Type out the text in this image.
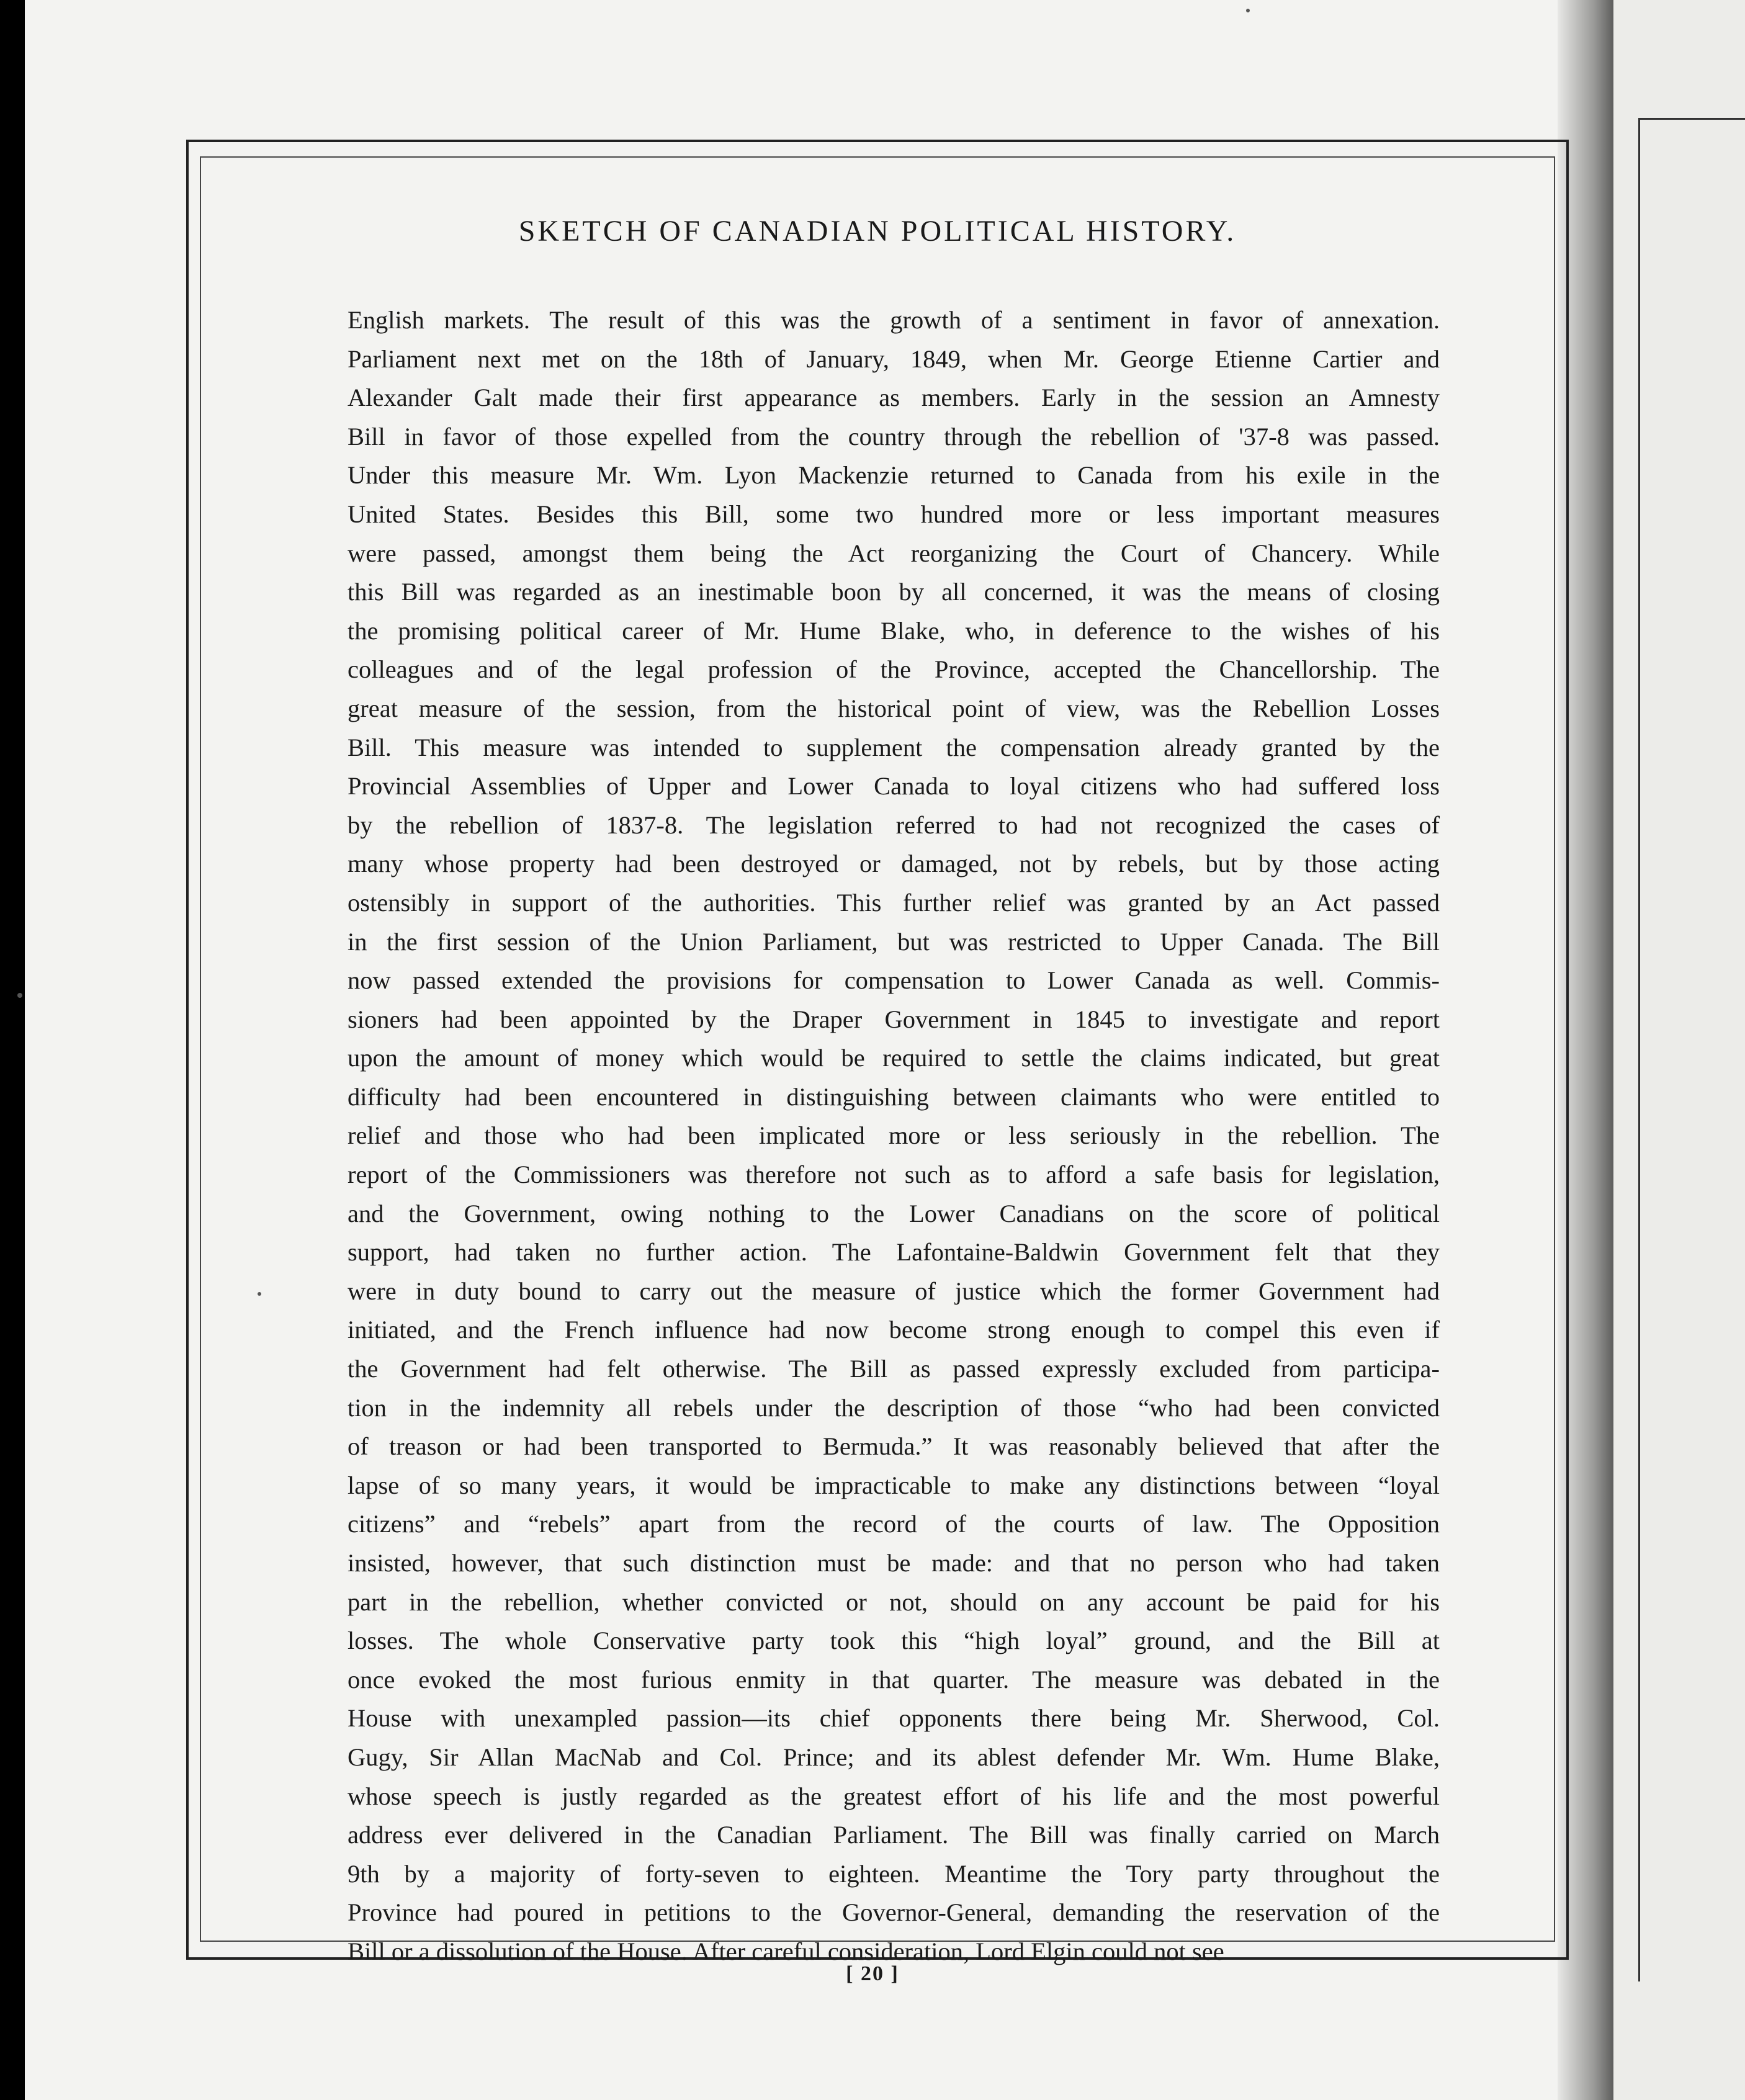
SKETCH OF CANADIAN POLITICAL HISTORY.
English markets. The result of this was the growth of a sentiment in favor of annexation.
Parliament next met on the 18th of January, 1849, when Mr. George Etienne Cartier and
Alexander Galt made their first appearance as members. Early in the session an Amnesty
Bill in favor of those expelled from the country through the rebellion of '37-8 was passed.
Under this measure Mr. Wm. Lyon Mackenzie returned to Canada from his exile in the
United States. Besides this Bill, some two hundred more or less important measures
were passed, amongst them being the Act reorganizing the Court of Chancery. While
this Bill was regarded as an inestimable boon by all concerned, it was the means of closing
the promising political career of Mr. Hume Blake, who, in deference to the wishes of his
colleagues and of the legal profession of the Province, accepted the Chancellorship. The
great measure of the session, from the historical point of view, was the Rebellion Losses
Bill. This measure was intended to supplement the compensation already granted by the
Provincial Assemblies of Upper and Lower Canada to loyal citizens who had suffered loss
by the rebellion of 1837-8. The legislation referred to had not recognized the cases of
many whose property had been destroyed or damaged, not by rebels, but by those acting
ostensibly in support of the authorities. This further relief was granted by an Act passed
in the first session of the Union Parliament, but was restricted to Upper Canada. The Bill
now passed extended the provisions for compensation to Lower Canada as well. Commis-
sioners had been appointed by the Draper Government in 1845 to investigate and report
upon the amount of money which would be required to settle the claims indicated, but great
difficulty had been encountered in distinguishing between claimants who were entitled to
relief and those who had been implicated more or less seriously in the rebellion. The
report of the Commissioners was therefore not such as to afford a safe basis for legislation,
and the Government, owing nothing to the Lower Canadians on the score of political
support, had taken no further action. The Lafontaine-Baldwin Government felt that they
were in duty bound to carry out the measure of justice which the former Government had
initiated, and the French influence had now become strong enough to compel this even if
the Government had felt otherwise. The Bill as passed expressly excluded from participa-
tion in the indemnity all rebels under the description of those “who had been convicted
of treason or had been transported to Bermuda.” It was reasonably believed that after the
lapse of so many years, it would be impracticable to make any distinctions between “loyal
citizens” and “rebels” apart from the record of the courts of law. The Opposition
insisted, however, that such distinction must be made: and that no person who had taken
part in the rebellion, whether convicted or not, should on any account be paid for his
losses. The whole Conservative party took this “high loyal” ground, and the Bill at
once evoked the most furious enmity in that quarter. The measure was debated in the
House with unexampled passion—its chief opponents there being Mr. Sherwood, Col.
Gugy, Sir Allan MacNab and Col. Prince; and its ablest defender Mr. Wm. Hume Blake,
whose speech is justly regarded as the greatest effort of his life and the most powerful
address ever delivered in the Canadian Parliament. The Bill was finally carried on March
9th by a majority of forty-seven to eighteen. Meantime the Tory party throughout the
Province had poured in petitions to the Governor-General, demanding the reservation of the
Bill or a dissolution of the House. After careful consideration, Lord Elgin could not see
[ 20 ]
